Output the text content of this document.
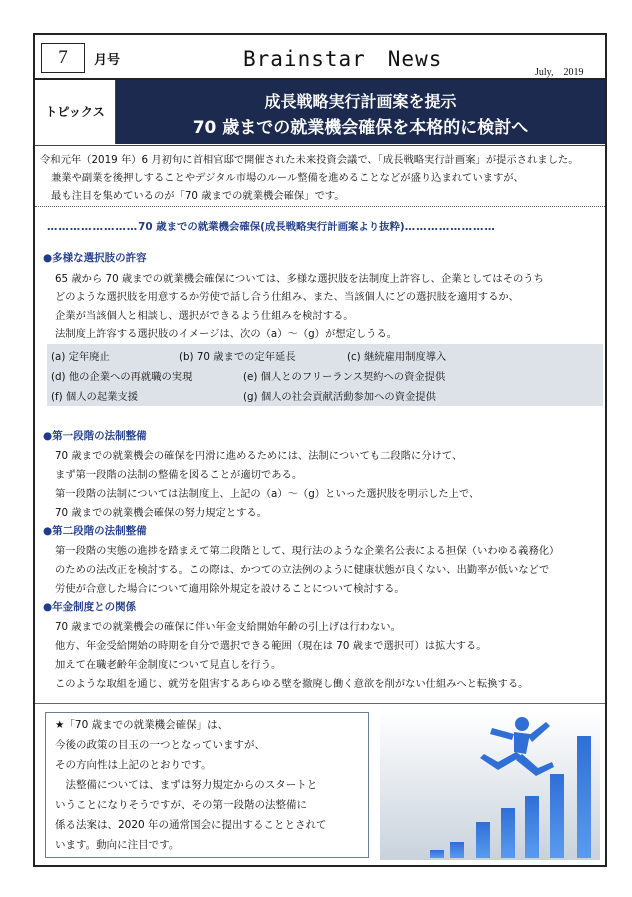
7	月号	Brainstar　News
July,　2019
トピックス
成長戦略実行計画案を提示
70 歳までの就業機会確保を本格的に検討へ
令和元年（2019 年）6 月初旬に首相官邸で開催された未来投資会議で、「成長戦略実行計画案」が提示されました。
兼業や副業を後押しすることやデジタル市場のルール整備を進めることなどが盛り込まれていますが、
最も注目を集めているのが「70 歳までの就業機会確保」です。
……………………70 歳までの就業機会確保(成長戦略実行計画案より抜粋)……………………
●多様な選択肢の許容
65 歳から 70 歳までの就業機会確保については、多様な選択肢を法制度上許容し、企業としてはそのうち
どのような選択肢を用意するか労使で話し合う仕組み、また、当該個人にどの選択肢を適用するか、
企業が当該個人と相談し、選択ができるよう仕組みを検討する。
法制度上許容する選択肢のイメージは、次の（a）～（g）が想定しうる。
(a) 定年廃止	(b) 70 歳までの定年延長	(c) 継続雇用制度導入
(d) 他の企業への再就職の実現	(e) 個人とのフリーランス契約への資金提供
(f) 個人の起業支援	(g) 個人の社会貢献活動参加への資金提供
●第一段階の法制整備
70 歳までの就業機会の確保を円滑に進めるためには、法制についても二段階に分けて、
まず第一段階の法制の整備を図ることが適切である。
第一段階の法制については法制度上、上記の（a）～（g）といった選択肢を明示した上で、
70 歳までの就業機会確保の努力規定とする。
●第二段階の法制整備
第一段階の実態の進捗を踏まえて第二段階として、現行法のような企業名公表による担保（いわゆる義務化）
のための法改正を検討する。この際は、かつての立法例のように健康状態が良くない、出勤率が低いなどで
労使が合意した場合について適用除外規定を設けることについて検討する。
●年金制度との関係
70 歳までの就業機会の確保に伴い年金支給開始年齢の引上げは行わない。
他方、年金受給開始の時期を自分で選択できる範囲（現在は 70 歳まで選択可）は拡大する。
加えて在職老齢年金制度について見直しを行う。
このような取組を通じ、就労を阻害するあらゆる壁を撤廃し働く意欲を削がない仕組みへと転換する。
★「70 歳までの就業機会確保」は、
今後の政策の目玉の一つとなっていますが、
その方向性は上記のとおりです。
　法整備については、まずは努力規定からのスタートと
いうことになりそうですが、その第一段階の法整備に
係る法案は、2020 年の通常国会に提出することとされて
います。動向に注目です。
